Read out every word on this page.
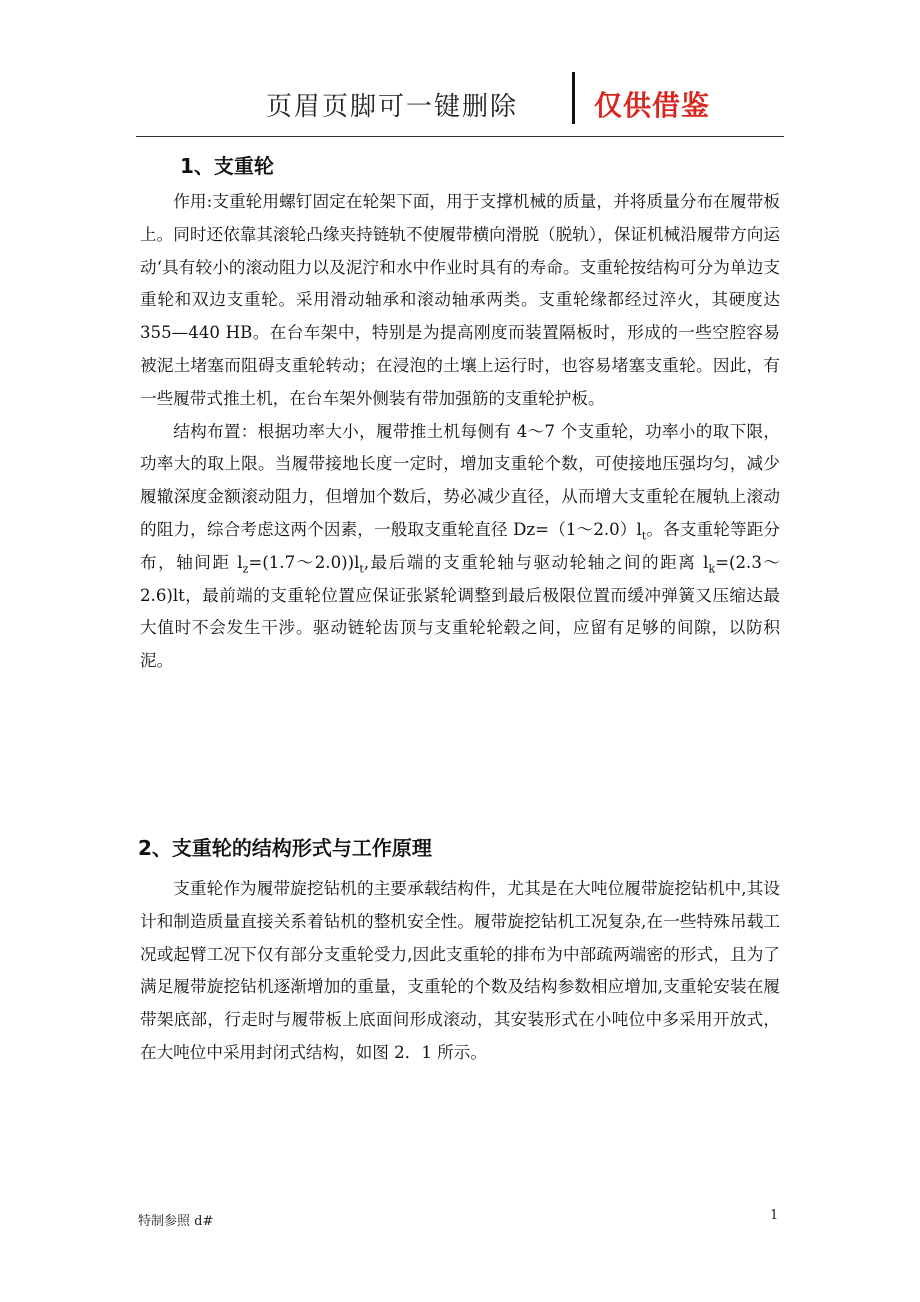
页眉页脚可一键删除	仅供借鉴
1、支重轮

作用:支重轮用螺钉固定在轮架下面，用于支撑机械的质量，并将质量分布在履带板上。同时还依靠其滚轮凸缘夹持链轨不使履带横向滑脱（脱轨），保证机械沿履带方向运动‘具有较小的滚动阻力以及泥泞和水中作业时具有的寿命。支重轮按结构可分为单边支重轮和双边支重轮。采用滑动轴承和滚动轴承两类。支重轮缘都经过淬火，其硬度达355—440 HB。在台车架中，特别是为提高刚度而装置隔板时，形成的一些空腔容易被泥土堵塞而阻碍支重轮转动；在浸泡的土壤上运行时，也容易堵塞支重轮。因此，有一些履带式推土机，在台车架外侧装有带加强筋的支重轮护板。

结构布置：根据功率大小，履带推土机每侧有 4～7 个支重轮，功率小的取下限，功率大的取上限。当履带接地长度一定时，增加支重轮个数，可使接地压强均匀，减少履辙深度金额滚动阻力，但增加个数后，势必减少直径，从而增大支重轮在履轨上滚动的阻力，综合考虑这两个因素，一般取支重轮直径 $Dz=(1\sim 2.0)l_t$。各支重轮等距分布，轴间距 $l_z=(1.7\sim 2.0))l_t$,最后端的支重轮轴与驱动轮轴之间的距离 $l_k=(2.3\sim 2.6)lt$，最前端的支重轮位置应保证张紧轮调整到最后极限位置而缓冲弹簧又压缩达最大值时不会发生干涉。驱动链轮齿顶与支重轮轮毂之间，应留有足够的间隙，以防积泥。

2、支重轮的结构形式与工作原理

支重轮作为履带旋挖钻机的主要承载结构件，尤其是在大吨位履带旋挖钻机中,其设计和制造质量直接关系着钻机的整机安全性。履带旋挖钻机工况复杂,在一些特殊吊载工况或起臂工况下仅有部分支重轮受力,因此支重轮的排布为中部疏两端密的形式，且为了满足履带旋挖钻机逐渐增加的重量，支重轮的个数及结构参数相应增加,支重轮安装在履带架底部，行走时与履带板上底面间形成滚动，其安装形式在小吨位中多采用开放式，在大吨位中采用封闭式结构，如图 2．1 所示。

特制参照 d#	1
